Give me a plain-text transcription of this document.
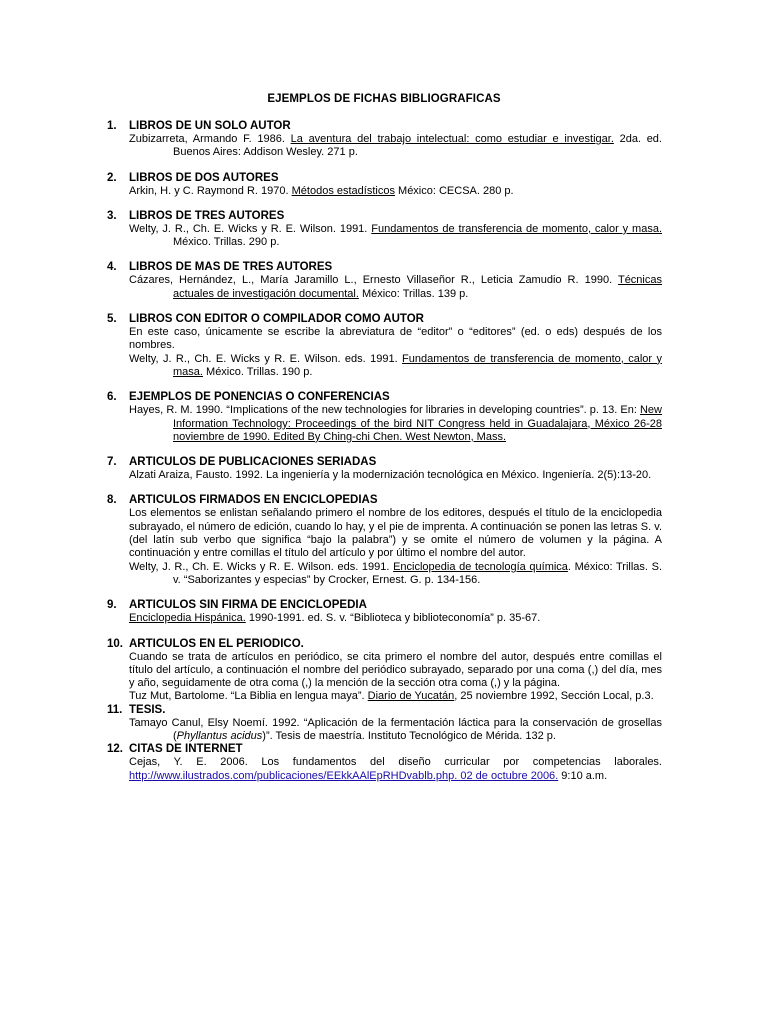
EJEMPLOS DE FICHAS BIBLIOGRAFICAS
1. LIBROS DE UN SOLO AUTOR
Zubizarreta, Armando F. 1986. La aventura del trabajo intelectual: como estudiar e investigar. 2da. ed. Buenos Aires: Addison Wesley. 271 p.
2. LIBROS DE DOS AUTORES
Arkin, H. y C. Raymond R. 1970. Métodos estadísticos México: CECSA. 280 p.
3. LIBROS DE TRES AUTORES
Welty, J. R., Ch. E. Wicks y R. E. Wilson. 1991. Fundamentos de transferencia de momento, calor y masa. México. Trillas. 290 p.
4. LIBROS DE MAS DE TRES AUTORES
Cázares, Hernández, L., María Jaramillo L., Ernesto Villaseñor R., Leticia Zamudio R. 1990. Técnicas actuales de investigación documental. México: Trillas. 139 p.
5. LIBROS CON EDITOR O COMPILADOR COMO AUTOR
En este caso, únicamente se escribe la abreviatura de “editor” o “editores” (ed. o eds) después de los nombres.
Welty, J. R., Ch. E. Wicks y R. E. Wilson. eds. 1991. Fundamentos de transferencia de momento, calor y masa. México. Trillas. 190 p.
6. EJEMPLOS DE PONENCIAS O CONFERENCIAS
Hayes, R. M. 1990. “Implications of the new technologies for libraries in developing countries”. p. 13. En: New Information Technology: Proceedings of the bird NIT Congress held in Guadalajara, México 26-28 noviembre de 1990. Edited By Ching-chi Chen. West Newton, Mass.
7. ARTICULOS DE PUBLICACIONES SERIADAS
Alzati Araiza, Fausto. 1992. La ingeniería y la modernización tecnológica en México. Ingeniería. 2(5):13-20.
8. ARTICULOS FIRMADOS EN ENCICLOPEDIAS
Los elementos se enlistan señalando primero el nombre de los editores, después el título de la enciclopedia subrayado, el número de edición, cuando lo hay, y el pie de imprenta. A continuación se ponen las letras S. v. (del latín sub verbo que significa “bajo la palabra”) y se omite el número de volumen y la página. A continuación y entre comillas el título del artículo y por último el nombre del autor.
Welty, J. R., Ch. E. Wicks y R. E. Wilson. eds. 1991. Enciclopedia de tecnología química. México: Trillas. S. v. “Saborizantes y especias” by Crocker, Ernest. G. p. 134-156.
9. ARTICULOS SIN FIRMA DE ENCICLOPEDIA
Enciclopedia Hispánica. 1990-1991. ed. S. v. “Biblioteca y biblioteconomía” p. 35-67.
10. ARTICULOS EN EL PERIODICO.
Cuando se trata de artículos en periódico, se cita primero el nombre del autor, después entre comillas el título del artículo, a continuación el nombre del periódico subrayado, separado por una coma (,) del día, mes y año, seguidamente de otra coma (,) la mención de la sección otra coma (,) y la página.
Tuz Mut, Bartolome. “La Biblia en lengua maya”. Diario de Yucatán, 25 noviembre 1992, Sección Local, p.3.
11. TESIS.
Tamayo Canul, Elsy Noemí. 1992. “Aplicación de la fermentación láctica para la conservación de grosellas (Phyllantus acidus)”. Tesis de maestría. Instituto Tecnológico de Mérida. 132 p.
12. CITAS DE INTERNET
Cejas, Y. E. 2006. Los fundamentos del diseño curricular por competencias laborales. http://www.ilustrados.com/publicaciones/EEkkAAlEpRHDvablb.php. 02 de octubre 2006. 9:10 a.m.
